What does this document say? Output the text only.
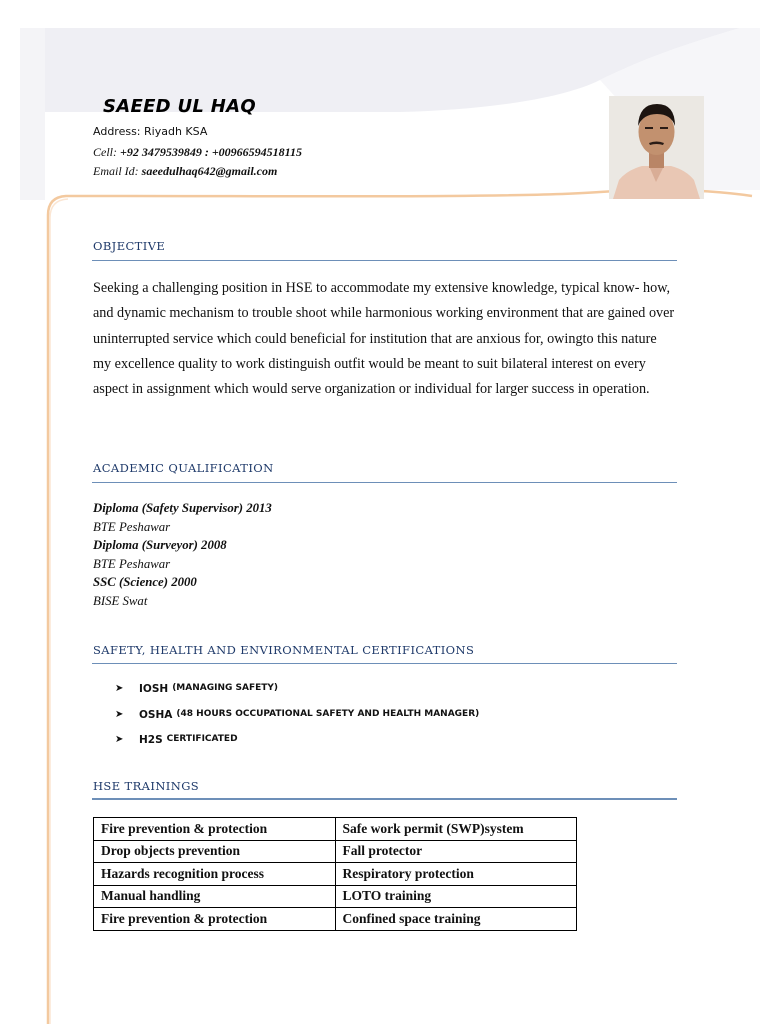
SAEED UL HAQ
Address: Riyadh KSA
Cell: +92 3479539849 : +00966594518115
Email Id: saeedulhaq642@gmail.com
OBJECTIVE

Seeking a challenging position in HSE to accommodate my extensive knowledge, typical know- how, and dynamic mechanism to trouble shoot while harmonious working environment that are gained over uninterrupted service which could beneficial for institution that are anxious for, owingto this nature my excellence quality to work distinguish outfit would be meant to suit bilateral interest on every aspect in assignment which would serve organization or individual for larger success in operation.

ACADEMIC QUALIFICATION
Diploma (Safety Supervisor) 2013
BTE Peshawar
Diploma (Surveyor) 2008
BTE Peshawar
SSC (Science) 2000
BISE Swat
SAFETY, HEALTH AND ENVIRONMENTAL CERTIFICATIONS
➤	IOSH (MANAGING SAFETY)
➤	OSHA (48 HOURS OCCUPATIONAL SAFETY AND HEALTH MANAGER)
➤	H2S CERTIFICATED
HSE TRAININGS
Fire prevention & protection	Safe work permit (SWP)system
Drop objects prevention	Fall protector
Hazards recognition process	Respiratory protection
Manual handling	LOTO training
Fire prevention & protection	Confined space training
